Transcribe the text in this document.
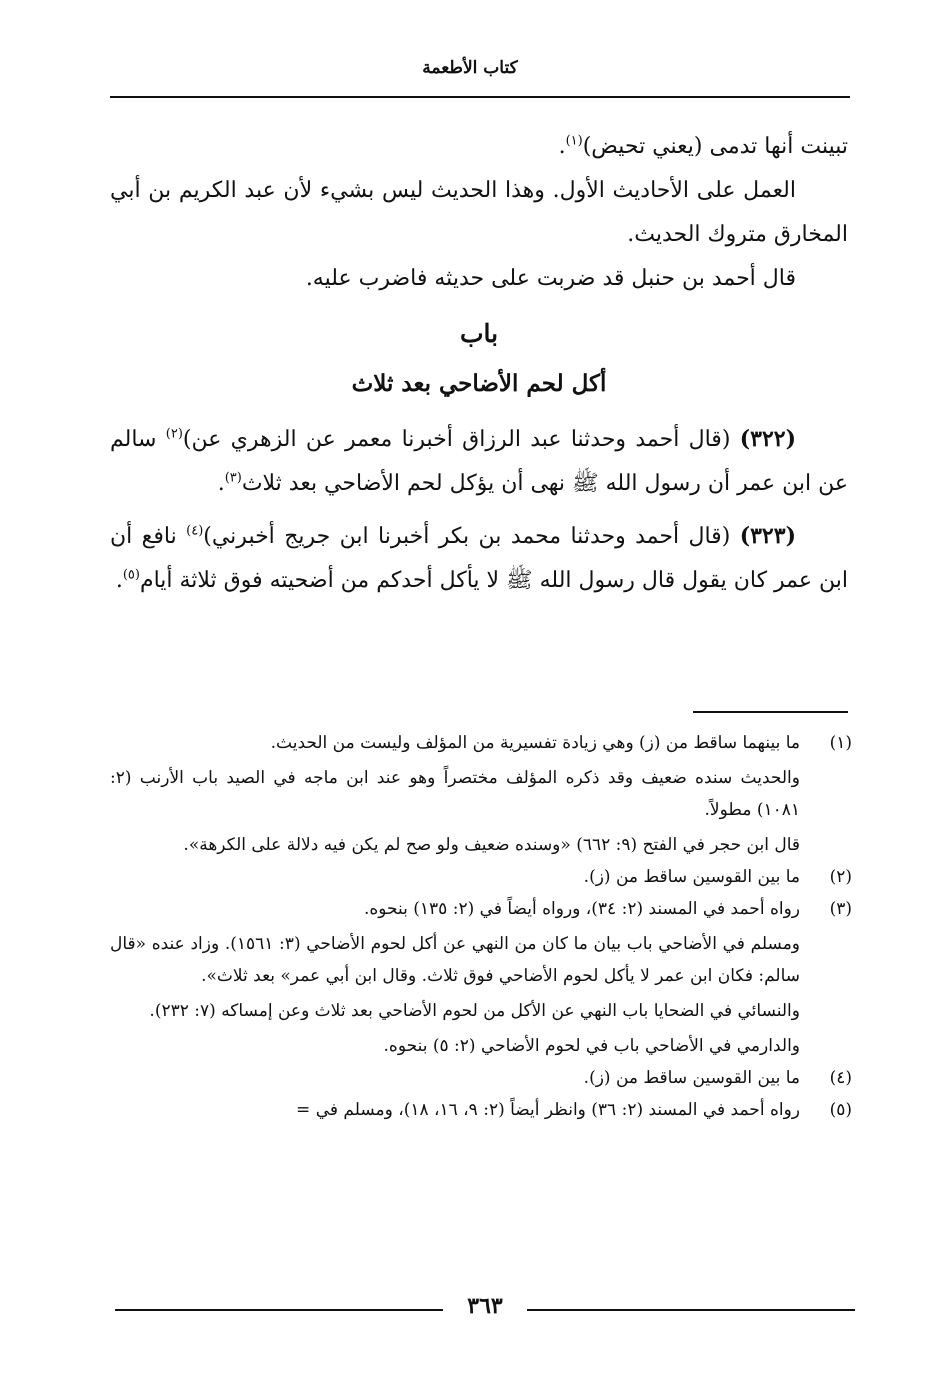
كتاب الأطعمة

تبينت أنها تدمى (يعني تحيض)$^{(١)}$.

العمل على الأحاديث الأول. وهذا الحديث ليس بشيء لأن عبد الكريم بن أبي المخارق متروك الحديث.

قال أحمد بن حنبل قد ضربت على حديثه فاضرب عليه.

باب
أكل لحم الأضاحي بعد ثلاث

(٣٢٢) (قال أحمد وحدثنا عبد الرزاق أخبرنا معمر عن الزهري عن)$^{(٢)}$ سالم عن ابن عمر أن رسول الله ﷺ نهى أن يؤكل لحم الأضاحي بعد ثلاث$^{(٣)}$.

(٣٢٣) (قال أحمد وحدثنا محمد بن بكر أخبرنا ابن جريج أخبرني)$^{(٤)}$ نافع أن ابن عمر كان يقول قال رسول الله ﷺ لا يأكل أحدكم من أضحيته فوق ثلاثة أيام$^{(٥)}$.

(١)
ما بينهما ساقط من (ز) وهي زيادة تفسيرية من المؤلف وليست من الحديث.
والحديث سنده ضعيف وقد ذكره المؤلف مختصراً وهو عند ابن ماجه في الصيد باب الأرنب (٢: ١٠٨١) مطولاً.
قال ابن حجر في الفتح (٩: ٦٦٢) «وسنده ضعيف ولو صح لم يكن فيه دلالة على الكرهة».
(٢)
ما بين القوسين ساقط من (ز).
(٣)
رواه أحمد في المسند (٢: ٣٤)، ورواه أيضاً في (٢: ١٣٥) بنحوه.
ومسلم في الأضاحي باب بيان ما كان من النهي عن أكل لحوم الأضاحي (٣: ١٥٦١). وزاد عنده «قال سالم: فكان ابن عمر لا يأكل لحوم الأضاحي فوق ثلاث. وقال ابن أبي عمر» بعد ثلاث».
والنسائي في الضحايا باب النهي عن الأكل من لحوم الأضاحي بعد ثلاث وعن إمساكه (٧: ٢٣٢).
والدارمي في الأضاحي باب في لحوم الأضاحي (٢: ٥) بنحوه.
(٤)
ما بين القوسين ساقط من (ز).
(٥)
رواه أحمد في المسند (٢: ٣٦) وانظر أيضاً (٢: ٩، ١٦، ١٨)، ومسلم في =
٣٦٣
